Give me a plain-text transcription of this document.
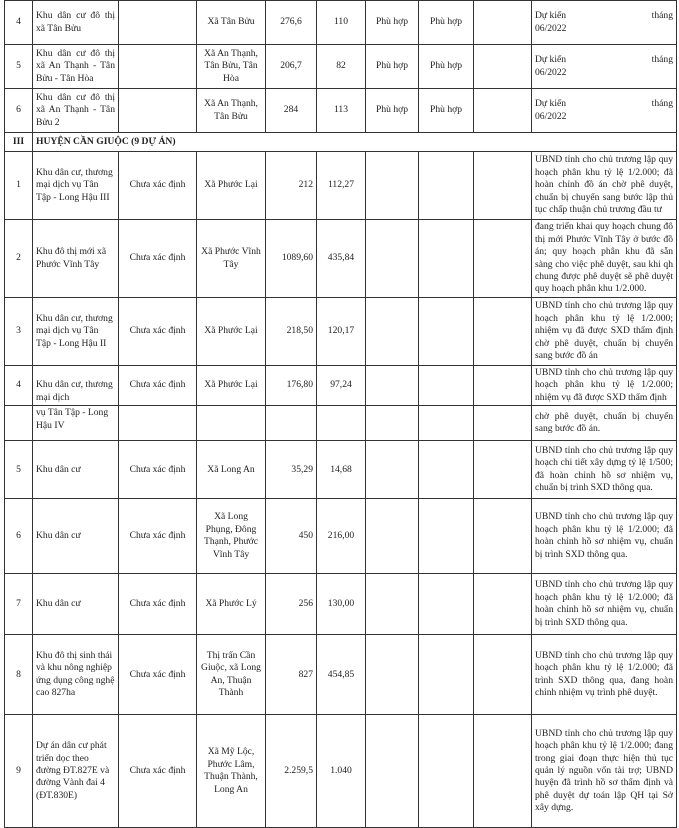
4	Khu dân cư đô thị xã Tân Bửu		Xã Tân Bửu	276,6	110	Phù hợp	Phù hợp		Dự kiến tháng
06/2022

5	Khu dân cư đô thị xã An Thạnh - Tân Bửu - Tân Hòa		Xã An Thạnh, Tân Bửu, Tân Hòa	206,7	82	Phù hợp	Phù hợp		Dự kiến tháng
06/2022

6	Khu dân cư đô thị xã An Thạnh - Tân Bửu 2		Xã An Thạnh, Tân Bửu	284	113	Phù hợp	Phù hợp		Dự kiến tháng
06/2022

III	HUYỆN CẦN GIUỘC (9 DỰ ÁN)								
1	Khu dân cư, thương mại dịch vụ Tân Tập - Long Hậu III	Chưa xác định	Xã Phước Lại	212	112,27				UBND tỉnh cho chủ trương lập quy hoạch phân khu tỷ lệ 1/2.000; đã hoàn chỉnh đồ án chờ phê duyệt, chuẩn bị chuyển sang bước lập thủ tục chấp thuận chủ trương đầu tư
2	Khu đô thị mới xã Phước Vĩnh Tây	Chưa xác định	Xã Phước Vĩnh Tây	1089,60	435,84				đang triển khai quy hoạch chung đô thị mới Phước Vĩnh Tây ở bước đồ án; quy hoạch phân khu đã sẵn sàng cho việc phê duyệt, sau khi qh chung được phê duyệt sẽ phê duyệt quy hoạch phân khu 1/2.000.
3	Khu dân cư, thương mại dịch vụ Tân Tập - Long Hậu II	Chưa xác định	Xã Phước Lại	218,50	120,17				UBND tỉnh cho chủ trương lập quy hoạch phân khu tỷ lệ 1/2.000; nhiệm vụ đã được SXD thẩm định chờ phê duyệt, chuẩn bị chuyển sang bước đồ án
4	Khu dân cư, thương mại dịch	Chưa xác định	Xã Phước Lại	176,80	97,24				UBND tỉnh cho chủ trương lập quy hoạch phân khu tỷ lệ 1/2.000; nhiệm vụ đã được SXD thẩm định
	vụ Tân Tập - Long Hậu IV								chờ phê duyệt, chuẩn bị chuyển sang bước đồ án.
5	Khu dân cư	Chưa xác định	Xã Long An	35,29	14,68				UBND tỉnh cho chủ trương lập quy hoạch chi tiết xây dựng tỷ lệ 1/500; đã hoàn chỉnh hồ sơ nhiệm vụ, chuẩn bị trình SXD thông qua.
6	Khu dân cư	Chưa xác định	Xã Long Phụng, Đông Thạnh, Phước Vĩnh Tây	450	216,00				UBND tỉnh cho chủ trương lập quy hoạch phân khu tỷ lệ 1/2.000; đã hoàn chỉnh hồ sơ nhiệm vụ, chuẩn bị trình SXD thông qua.
7	Khu dân cư	Chưa xác định	Xã Phước Lý	256	130,00				UBND tỉnh cho chủ trương lập quy hoạch phân khu tỷ lệ 1/2.000; đã hoàn chỉnh hồ sơ nhiệm vụ, chuẩn bị trình SXD thông qua.
8	Khu đô thị sinh thái và khu nông nghiệp ứng dụng công nghệ cao 827ha	Chưa xác định	Thị trấn Cần Giuộc, xã Long An, Thuận Thành	827	454,85				UBND tỉnh cho chủ trương lập quy hoạch phân khu tỷ lệ 1/2.000; đã trình SXD thông qua, đang hoàn chỉnh nhiệm vụ trình phê duyệt.
9	Dự án dân cư phát triển dọc theo đường ĐT.827E và đường Vành đai 4 (ĐT.830E)	Chưa xác định	Xã Mỹ Lộc, Phước Lâm, Thuận Thành, Long An	2.259,5	1.040				UBND tỉnh cho chủ trương lập quy hoạch phân khu tỷ lệ 1/2.000; đang trong giai đoạn thực hiện thủ tục quản lý nguồn vốn tài trợ; UBND huyện đã trình hồ sơ thẩm định và phê duyệt dự toán lập QH tại Sở xây dựng.
